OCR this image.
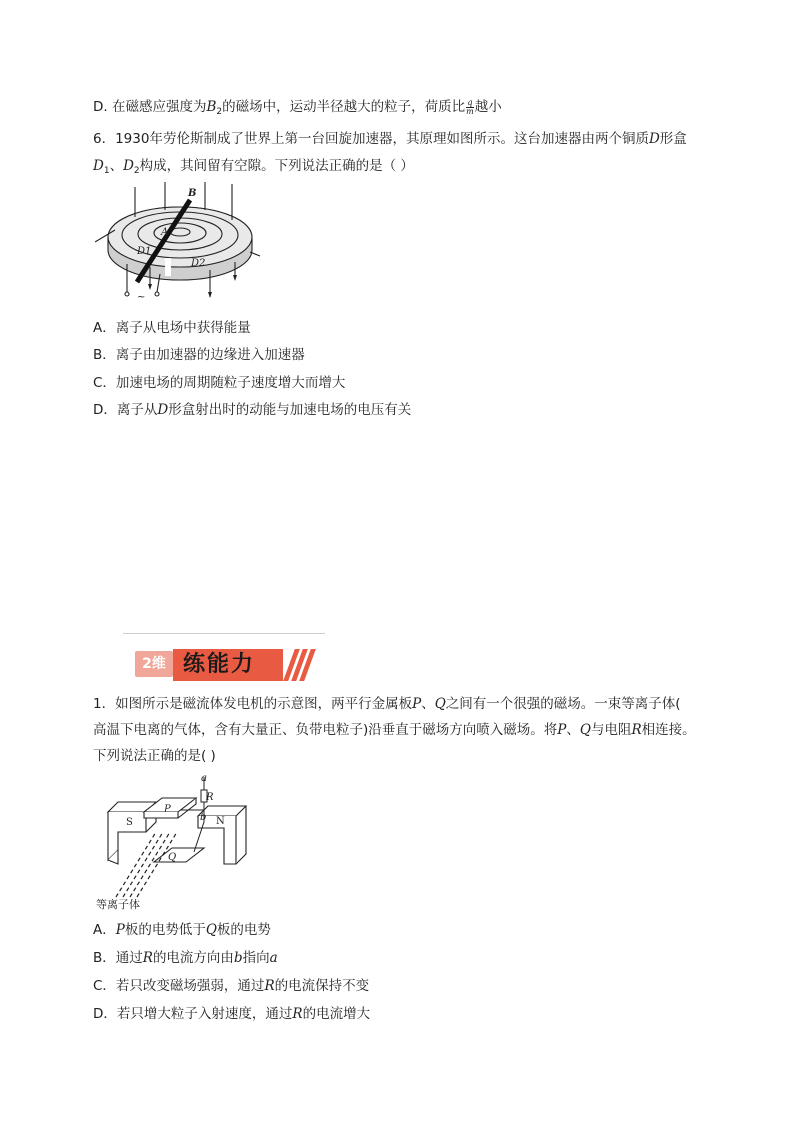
D. 在磁感应强度为$B_2$的磁场中，运动半径越大的粒子，荷质比 $\frac{q}{m}$ 越小
6．1930年劳伦斯制成了世界上第一台回旋加速器，其原理如图所示。这台加速器由两个铜质D形盒
$D_1$、$D_2$构成，其间留有空隙。下列说法正确的是（ ）
B
A
D1
D2
~
A．离子从电场中获得能量
B．离子由加速器的边缘进入加速器
C．加速电场的周期随粒子速度增大而增大
D．离子从D形盒射出时的动能与加速电场的电压有关
2维 练能力
1．如图所示是磁流体发电机的示意图，两平行金属板P、Q之间有一个很强的磁场。一束等离子体(
高温下电离的气体，含有大量正、负带电粒子)沿垂直于磁场方向喷入磁场。将P、Q与电阻R相连接。
下列说法正确的是( )
a
R
b
S
P
N
Q
等离子体
A．P板的电势低于Q板的电势
B．通过R的电流方向由b指向a
C．若只改变磁场强弱，通过R的电流保持不变
D．若只增大粒子入射速度，通过R的电流增大
